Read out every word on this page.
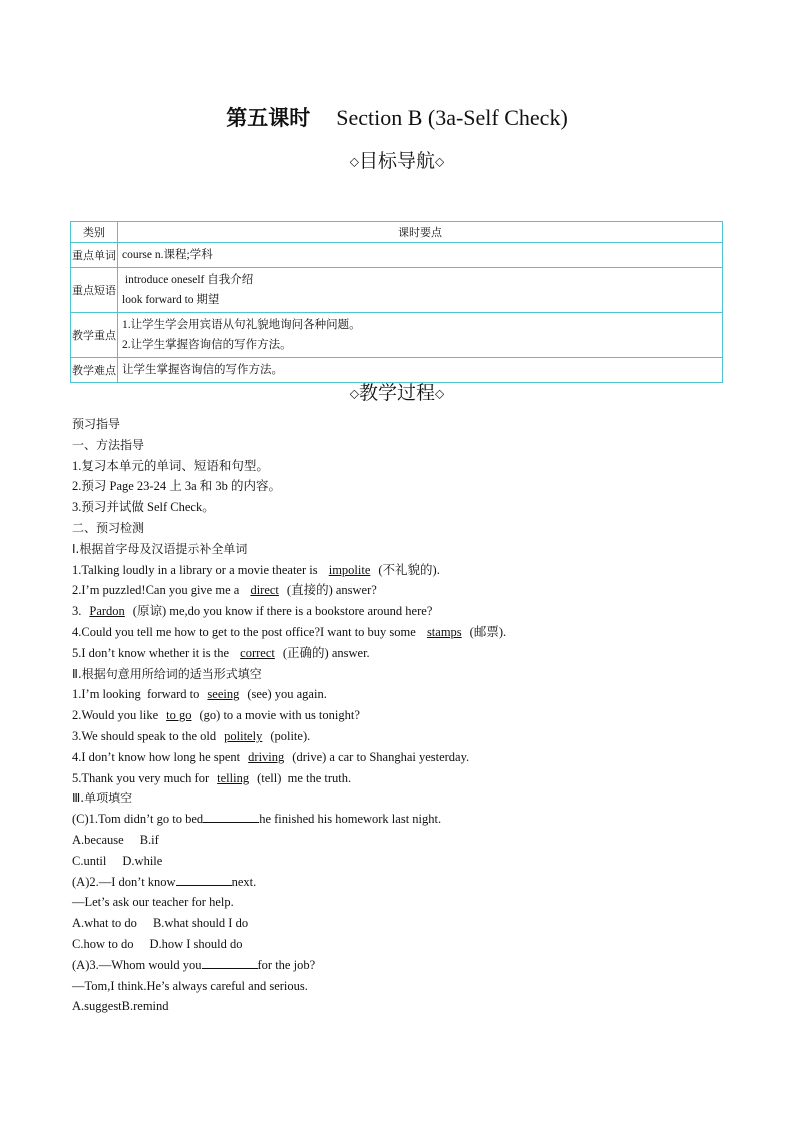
第五课时 Section B (3a-Self Check)
◇目标导航◇
类别	课时要点
重点单词	course n.课程;学科

重点短语	introduce oneself 自我介绍
look forward to 期望

教学重点	1.让学生学会用宾语从句礼貌地询问各种问题。
2.让学生掌握咨询信的写作方法。

教学难点	让学生掌握咨询信的写作方法。
◇教学过程◇
预习指导
一、方法指导
1.复习本单元的单词、短语和句型。
2.预习 Page 23-24 上 3a 和 3b 的内容。
3.预习并试做 Self Check。
二、预习检测
Ⅰ.根据首字母及汉语提示补全单词
1.Talking loudly in a library or a movie theater is impolite (不礼貌的).
2.I’m puzzled!Can you give me a direct (直接的) answer?
3. Pardon (原谅) me,do you know if there is a bookstore around here?
4.Could you tell me how to get to the post office?I want to buy some stamps (邮票).
5.I don’t know whether it is the correct (正确的) answer.
Ⅱ.根据句意用所给词的适当形式填空
1.I’m looking  forward to seeing (see) you again.
2.Would you like to go (go) to a movie with us tonight?
3.We should speak to the old politely (polite).
4.I don’t know how long he spent driving (drive) a car to Shanghai yesterday.
5.Thank you very much for telling (tell)  me the truth.
Ⅲ.单项填空
(C)1.Tom didn’t go to bed	he finished his homework last night.
A.because B.if
C.until D.while
(A)2.—I don’t know	next.
—Let’s ask our teacher for help.
A.what to do B.what should I do
C.how to do D.how I should do
(A)3.—Whom would you	for the job?
—Tom,I think.He’s always careful and serious.
A.suggestB.remind
